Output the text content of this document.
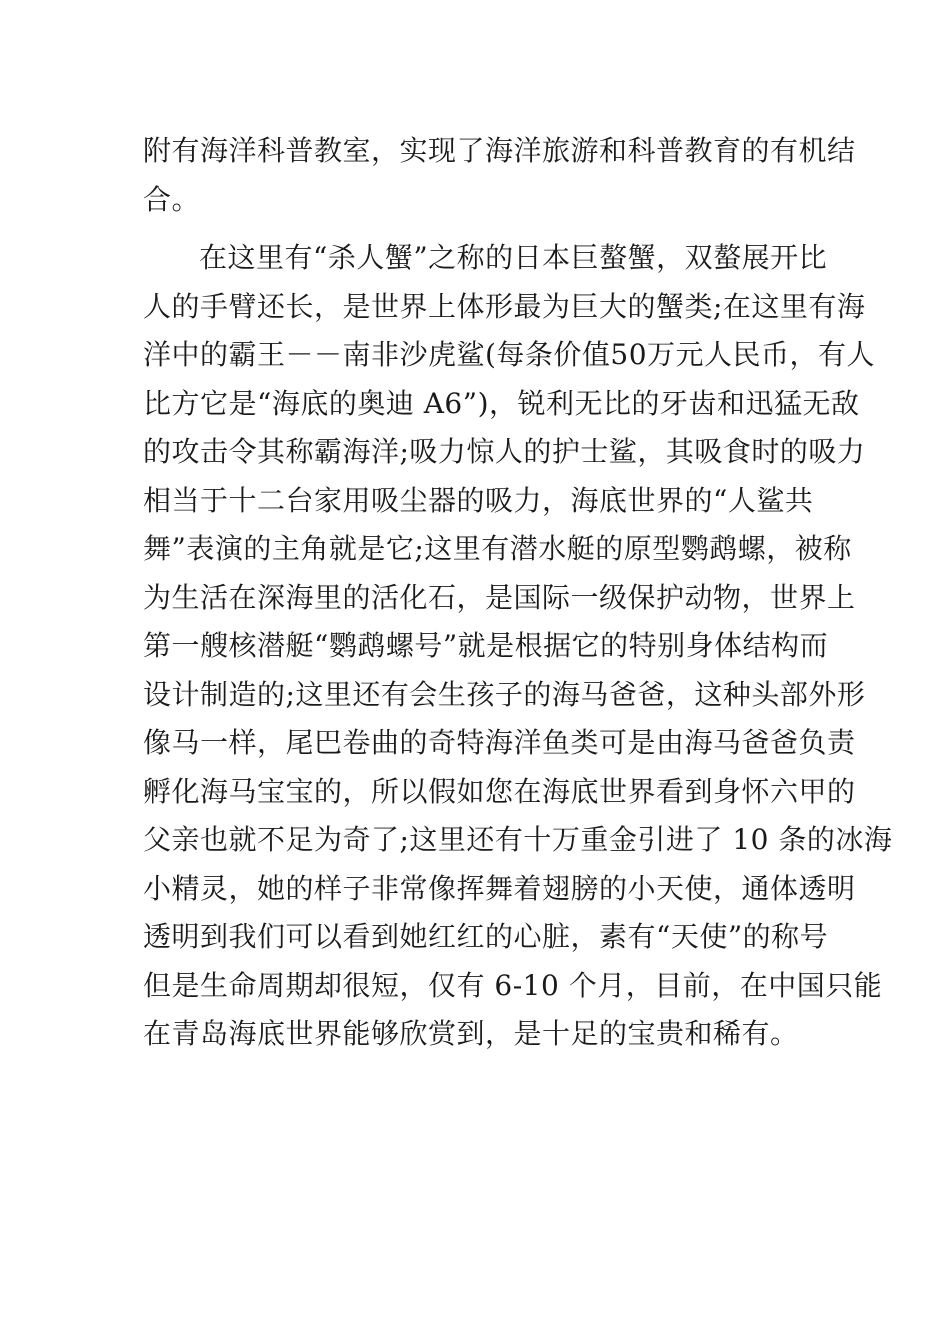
附有海洋科普教室，实现了海洋旅游和科普教育的有机结
合。
在这里有“杀人蟹”之称的日本巨螯蟹，双螯展开比
人的手臂还长，是世界上体形最为巨大的蟹类;在这里有海
洋中的霸王－－南非沙虎鲨(每条价值50万元人民币，有人
比方它是“海底的奥迪 A6”)，锐利无比的牙齿和迅猛无敌
的攻击令其称霸海洋;吸力惊人的护士鲨，其吸食时的吸力
相当于十二台家用吸尘器的吸力，海底世界的“人鲨共
舞”表演的主角就是它;这里有潜水艇的原型鹦鹉螺，被称
为生活在深海里的活化石，是国际一级保护动物，世界上
第一艘核潜艇“鹦鹉螺号”就是根据它的特别身体结构而
设计制造的;这里还有会生孩子的海马爸爸，这种头部外形
像马一样，尾巴卷曲的奇特海洋鱼类可是由海马爸爸负责
孵化海马宝宝的，所以假如您在海底世界看到身怀六甲的
父亲也就不足为奇了;这里还有十万重金引进了 10 条的冰海
小精灵，她的样子非常像挥舞着翅膀的小天使，通体透明
透明到我们可以看到她红红的心脏，素有“天使”的称号
但是生命周期却很短，仅有 6-10 个月，目前，在中国只能
在青岛海底世界能够欣赏到，是十足的宝贵和稀有。
